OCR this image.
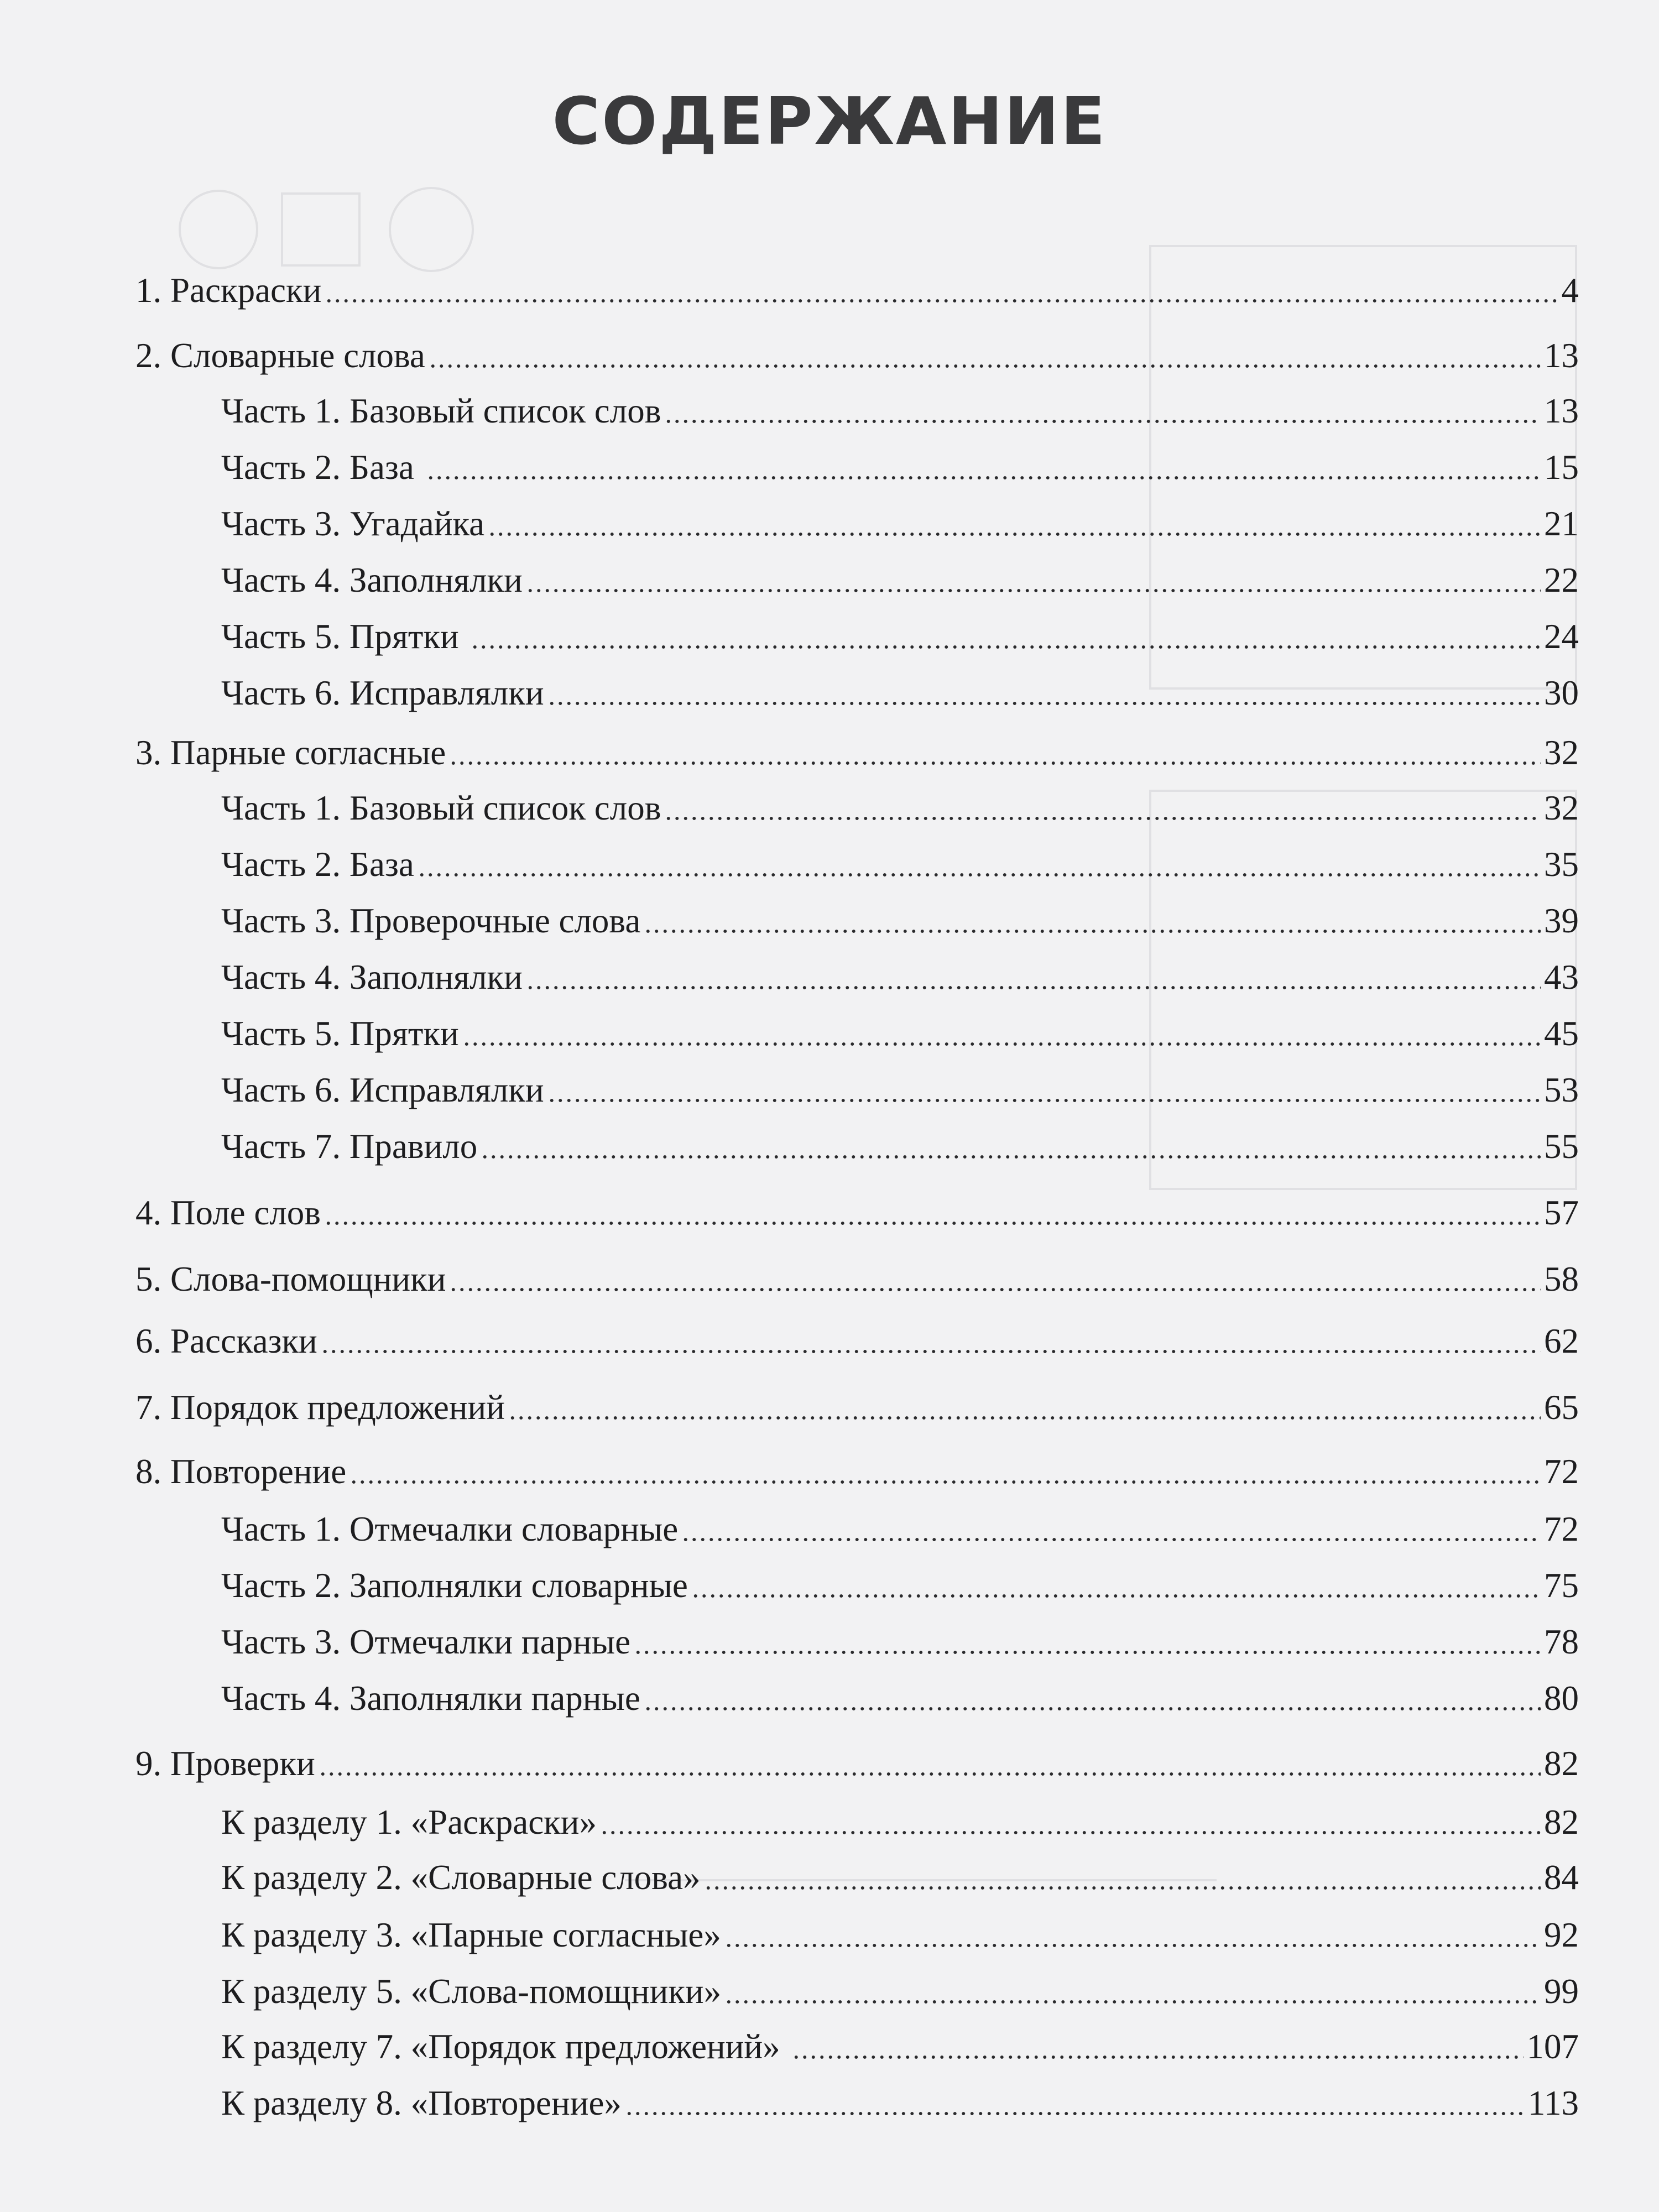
СОДЕРЖАНИЕ
1. Раскраски	4
2. Словарные слова	13
Часть 1. Базовый список слов	13
Часть 2. База	15
Часть 3. Угадайка	21
Часть 4. Заполнялки	22
Часть 5. Прятки	24
Часть 6. Исправлялки	30
3. Парные согласные	32
Часть 1. Базовый список слов	32
Часть 2. База	35
Часть 3. Проверочные слова	39
Часть 4. Заполнялки	43
Часть 5. Прятки	45
Часть 6. Исправлялки	53
Часть 7. Правило	55
4. Поле слов	57
5. Слова-помощники	58
6. Рассказки	62
7. Порядок предложений	65
8. Повторение	72
Часть 1. Отмечалки словарные	72
Часть 2. Заполнялки словарные	75
Часть 3. Отмечалки парные	78
Часть 4. Заполнялки парные	80
9. Проверки	82
К разделу 1. «Раскраски»	82
К разделу 2. «Словарные слова»	84
К разделу 3. «Парные согласные»	92
К разделу 5. «Слова-помощники»	99
К разделу 7. «Порядок предложений»	107
К разделу 8. «Повторение»	113
